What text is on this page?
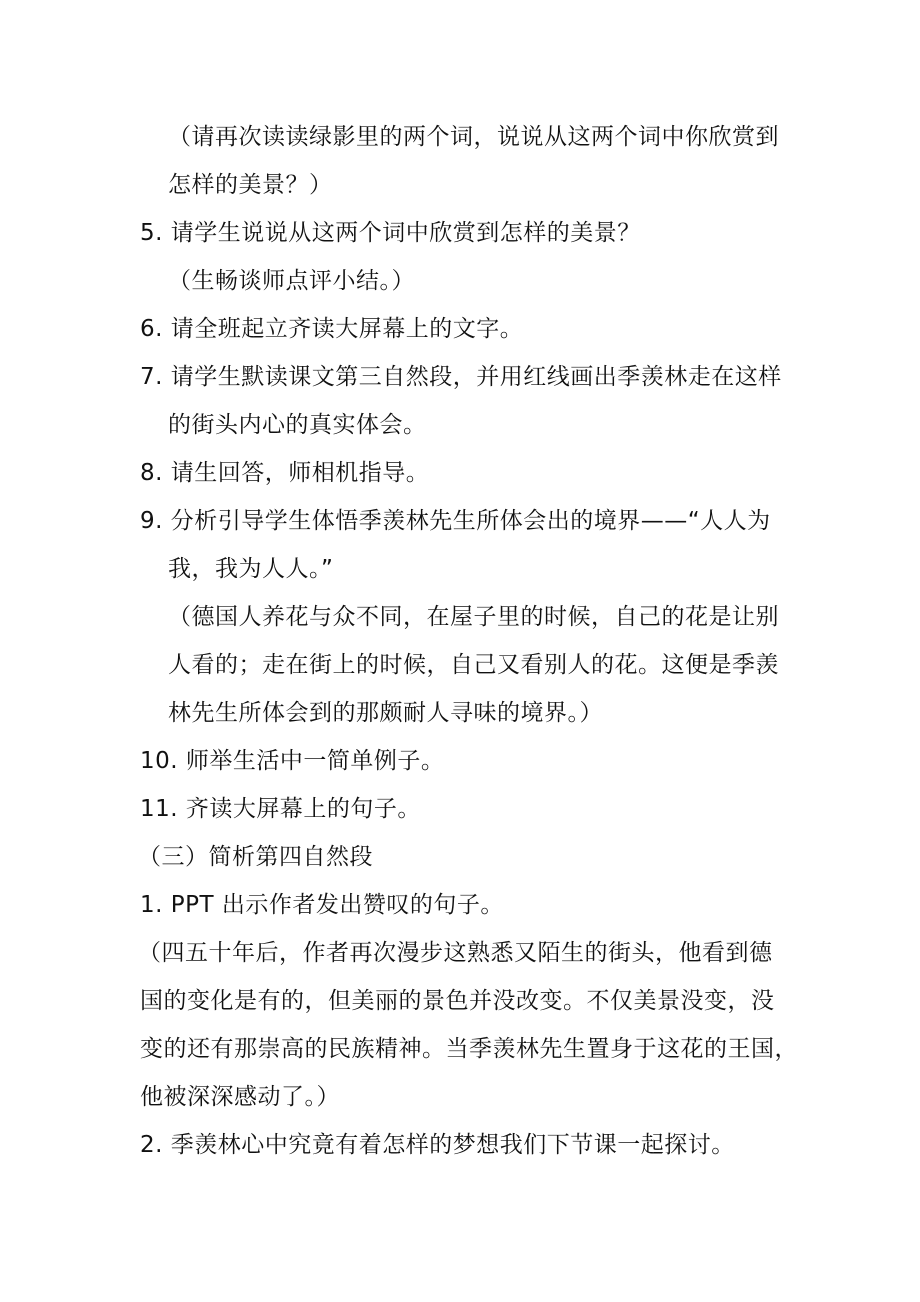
（请再次读读绿影里的两个词，说说从这两个词中你欣赏到
怎样的美景？）
5. 请学生说说从这两个词中欣赏到怎样的美景？
（生畅谈师点评小结。）
6. 请全班起立齐读大屏幕上的文字。
7. 请学生默读课文第三自然段，并用红线画出季羡林走在这样
的街头内心的真实体会。
8. 请生回答，师相机指导。
9. 分析引导学生体悟季羡林先生所体会出的境界——“人人为
我，我为人人。”
（德国人养花与众不同，在屋子里的时候，自己的花是让别
人看的；走在街上的时候，自己又看别人的花。这便是季羡
林先生所体会到的那颇耐人寻味的境界。）
10. 师举生活中一简单例子。
11. 齐读大屏幕上的句子。
（三）简析第四自然段
1. PPT 出示作者发出赞叹的句子。
（四五十年后，作者再次漫步这熟悉又陌生的街头，他看到德
国的变化是有的，但美丽的景色并没改变。不仅美景没变，没
变的还有那崇高的民族精神。当季羡林先生置身于这花的王国，
他被深深感动了。）
2. 季羡林心中究竟有着怎样的梦想我们下节课一起探讨。
